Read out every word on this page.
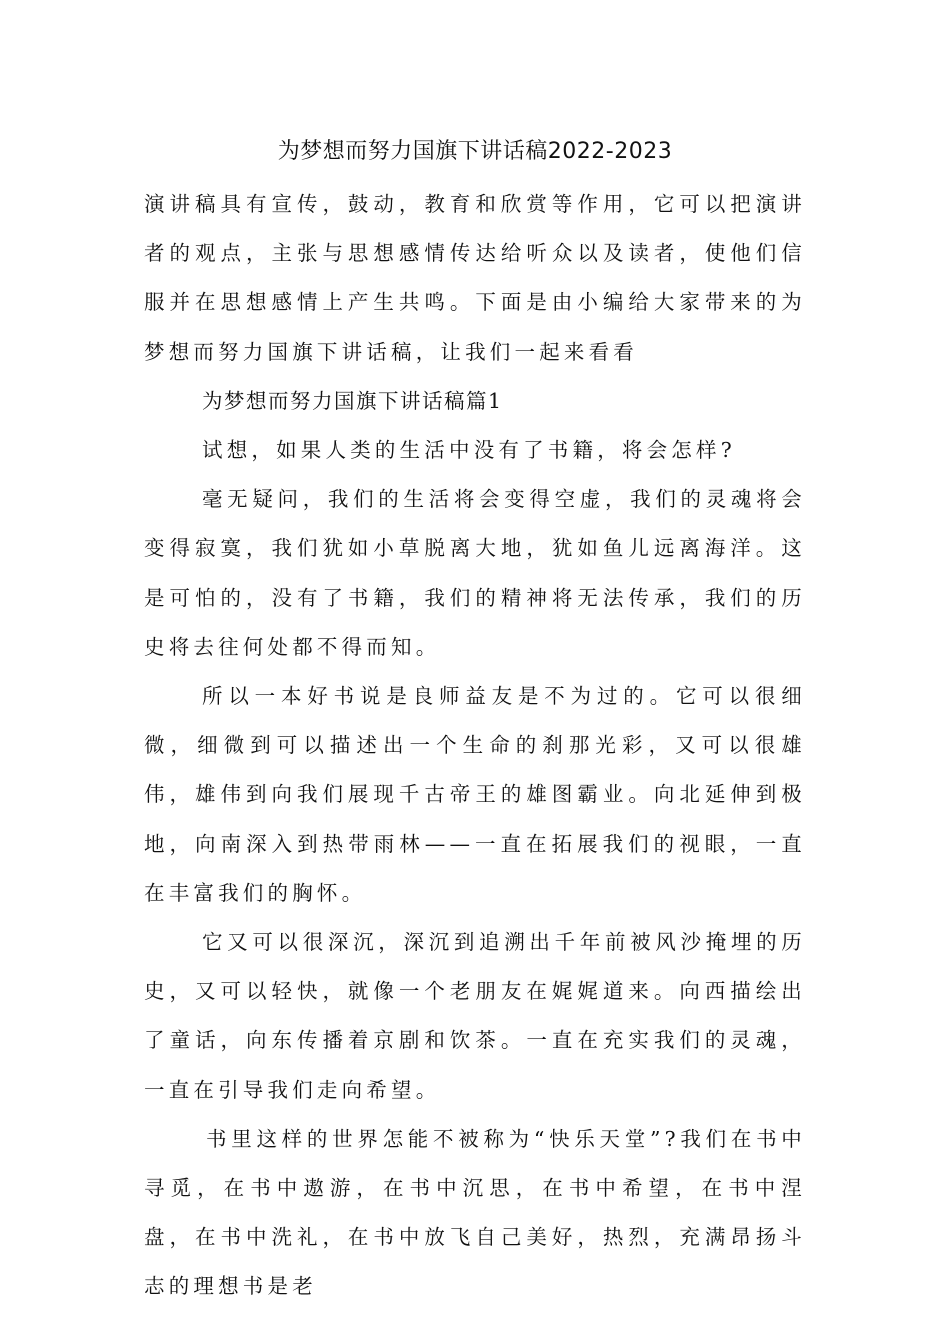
为梦想而努力国旗下讲话稿2022-2023

演讲稿具有宣传，鼓动，教育和欣赏等作用，它可以把演讲者的观点，主张与思想感情传达给听众以及读者，使他们信服并在思想感情上产生共鸣。下面是由小编给大家带来的为梦想而努力国旗下讲话稿，让我们一起来看看

为梦想而努力国旗下讲话稿篇1

试想，如果人类的生活中没有了书籍，将会怎样?

毫无疑问，我们的生活将会变得空虚，我们的灵魂将会变得寂寞，我们犹如小草脱离大地，犹如鱼儿远离海洋。这是可怕的，没有了书籍，我们的精神将无法传承，我们的历史将去往何处都不得而知。

所以一本好书说是良师益友是不为过的。它可以很细微，细微到可以描述出一个生命的刹那光彩，又可以很雄伟，雄伟到向我们展现千古帝王的雄图霸业。向北延伸到极地，向南深入到热带雨林——一直在拓展我们的视眼，一直在丰富我们的胸怀。

它又可以很深沉，深沉到追溯出千年前被风沙掩埋的历史，又可以轻快，就像一个老朋友在娓娓道来。向西描绘出了童话，向东传播着京剧和饮茶。一直在充实我们的灵魂，一直在引导我们走向希望。

书里这样的世界怎能不被称为“快乐天堂”?我们在书中寻觅，在书中遨游，在书中沉思，在书中希望，在书中涅盘，在书中洗礼，在书中放飞自己美好，热烈，充满昂扬斗志的理想书是老
